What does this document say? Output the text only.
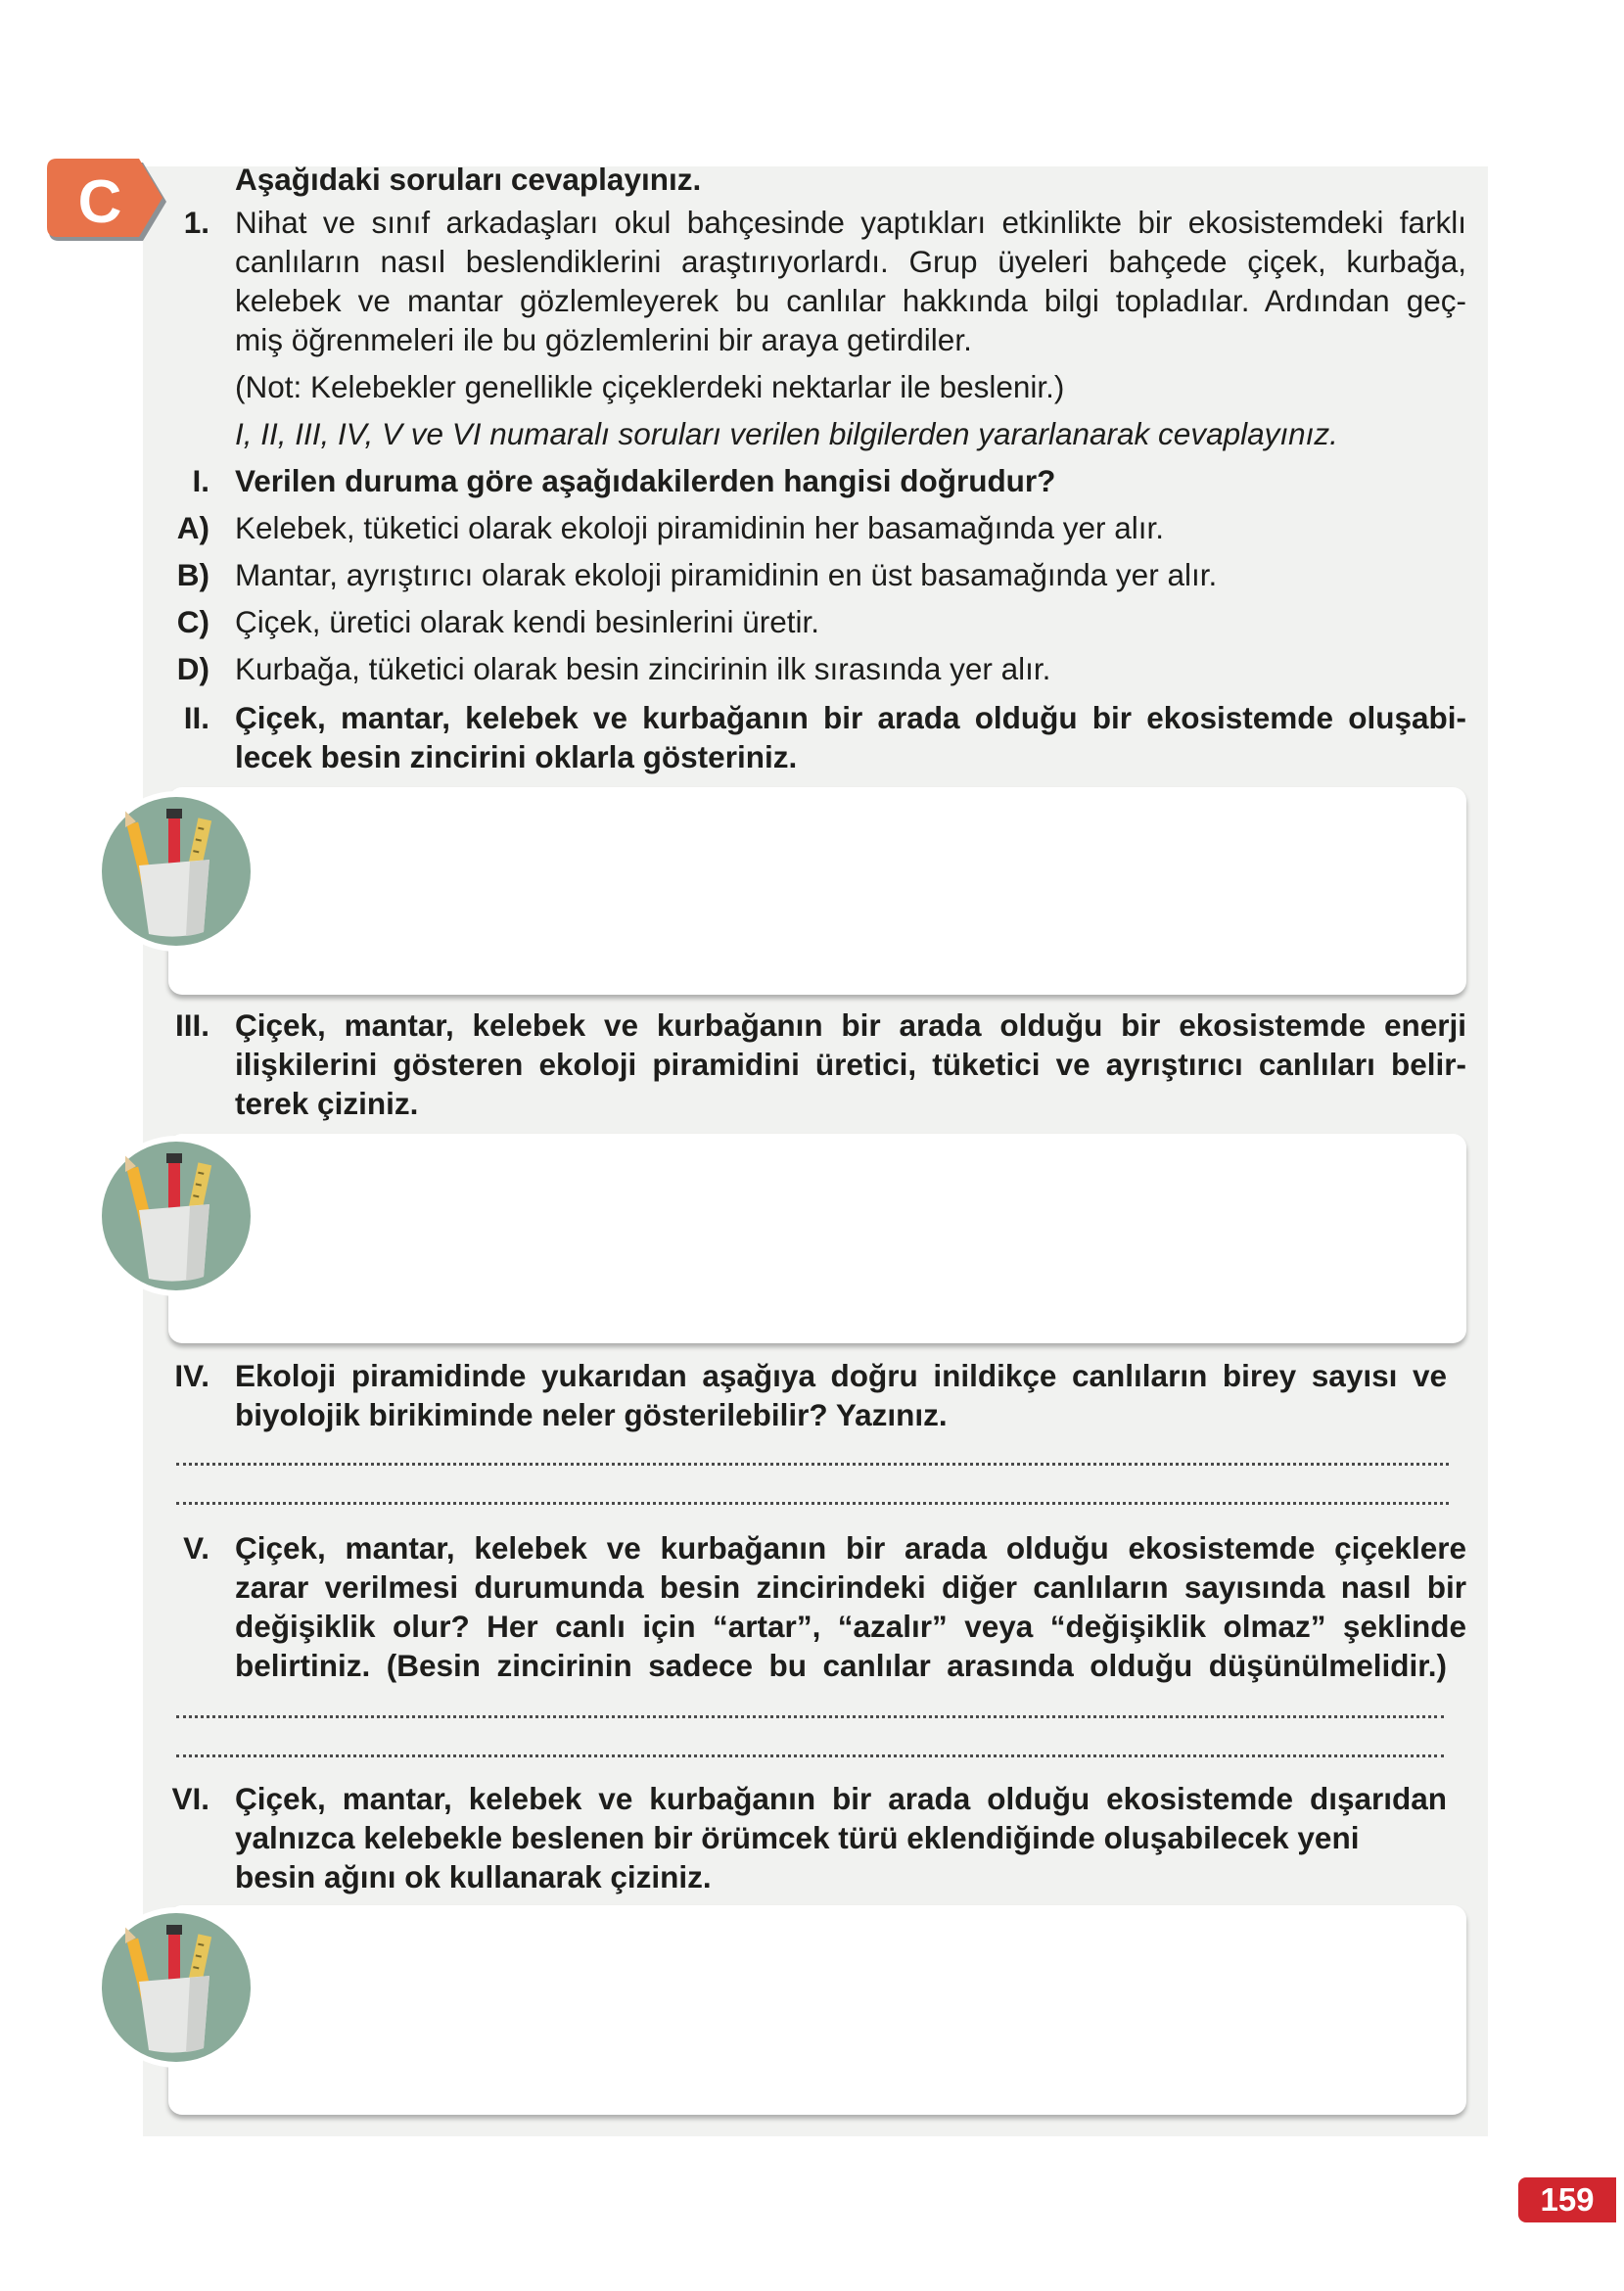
C	Aşağıdaki soruları cevaplayınız.
1. Nihat ve sınıf arkadaşları okul bahçesinde yaptıkları etkinlikte bir ekosistemdeki farklı
canlıların nasıl beslendiklerini araştırıyorlardı. Grup üyeleri bahçede çiçek, kurbağa,
kelebek ve mantar gözlemleyerek bu canlılar hakkında bilgi topladılar. Ardından geç-
miş öğrenmeleri ile bu gözlemlerini bir araya getirdiler.
(Not: Kelebekler genellikle çiçeklerdeki nektarlar ile beslenir.)
I, II, III, IV, V ve VI numaralı soruları verilen bilgilerden yararlanarak cevaplayınız.
I. Verilen duruma göre aşağıdakilerden hangisi doğrudur?
A) Kelebek, tüketici olarak ekoloji piramidinin her basamağında yer alır.
B) Mantar, ayrıştırıcı olarak ekoloji piramidinin en üst basamağında yer alır.
C) Çiçek, üretici olarak kendi besinlerini üretir.
D) Kurbağa, tüketici olarak besin zincirinin ilk sırasında yer alır.
II. Çiçek, mantar, kelebek ve kurbağanın bir arada olduğu bir ekosistemde oluşabi-
lecek besin zincirini oklarla gösteriniz.
III. Çiçek, mantar, kelebek ve kurbağanın bir arada olduğu bir ekosistemde enerji
ilişkilerini gösteren ekoloji piramidini üretici, tüketici ve ayrıştırıcı canlıları belir-
terek çiziniz.
IV. Ekoloji piramidinde yukarıdan aşağıya doğru inildikçe canlıların birey sayısı ve
biyolojik birikiminde neler gösterilebilir? Yazınız.
V. Çiçek, mantar, kelebek ve kurbağanın bir arada olduğu ekosistemde çiçeklere
zarar verilmesi durumunda besin zincirindeki diğer canlıların sayısında nasıl bir
değişiklik olur? Her canlı için “artar”, “azalır” veya “değişiklik olmaz” şeklinde
belirtiniz. (Besin zincirinin sadece bu canlılar arasında olduğu düşünülmelidir.)
VI. Çiçek, mantar, kelebek ve kurbağanın bir arada olduğu ekosistemde dışarıdan
yalnızca kelebekle beslenen bir örümcek türü eklendiğinde oluşabilecek yeni
besin ağını ok kullanarak çiziniz.
159
